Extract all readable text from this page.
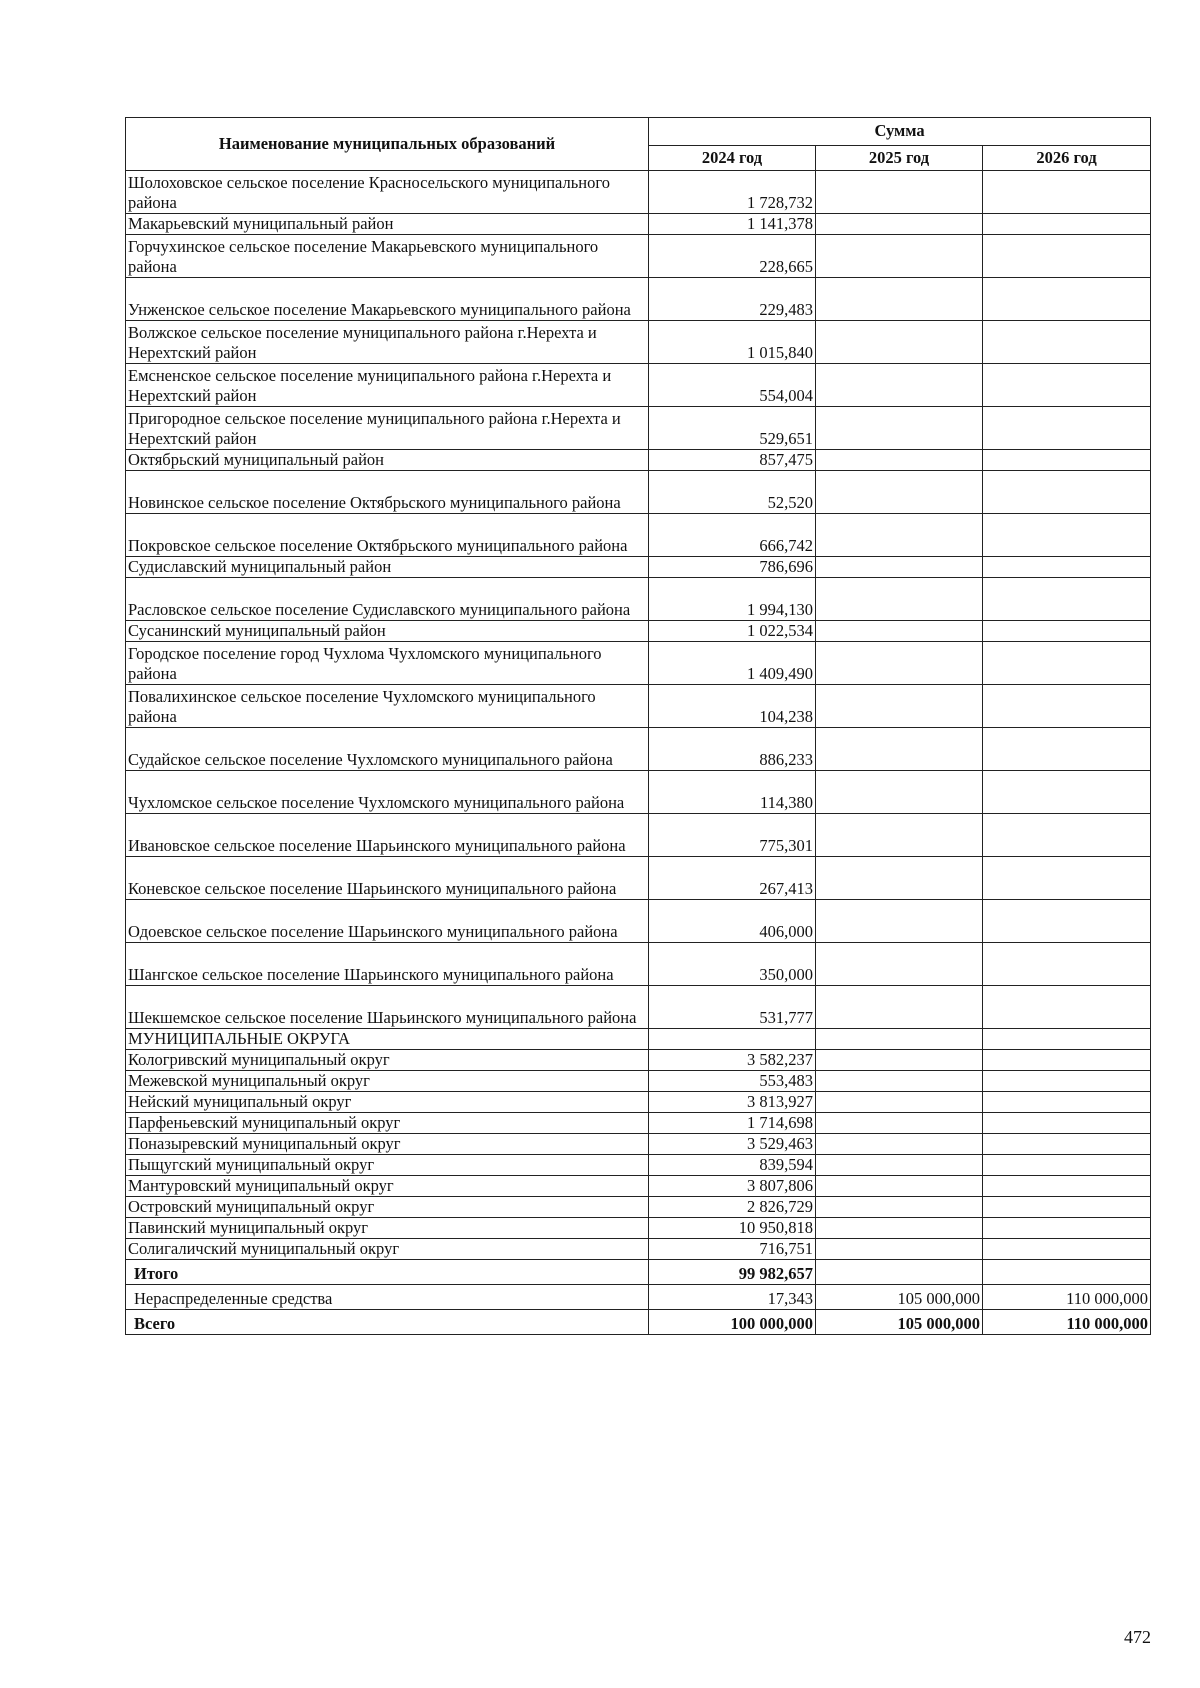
Наименование муниципальных образований	Сумма		
	2024 год	2025 год	2026 год
Шолоховское сельское поселение Красносельского муниципального района	1 728,732		
Макарьевский муниципальный район	1 141,378		
Горчухинское сельское поселение Макарьевского муниципального района	228,665		
Унженское сельское поселение Макарьевского муниципального района	229,483		
Волжское сельское поселение муниципального района г.Нерехта и Нерехтский район	1 015,840		
Емсненское сельское поселение муниципального района г.Нерехта и Нерехтский район	554,004		
Пригородное сельское поселение муниципального района г.Нерехта и Нерехтский район	529,651		
Октябрьский муниципальный район	857,475		
Новинское сельское поселение Октябрьского муниципального района	52,520		
Покровское сельское поселение Октябрьского муниципального района	666,742		
Судиславский муниципальный район	786,696		
Расловское сельское поселение Судиславского муниципального района	1 994,130		
Сусанинский муниципальный район	1 022,534		
Городское поселение город Чухлома Чухломского муниципального района	1 409,490		
Повалихинское сельское поселение Чухломского муниципального района	104,238		
Судайское сельское поселение Чухломского муниципального района	886,233		
Чухломское сельское поселение Чухломского муниципального района	114,380		
Ивановское сельское поселение Шарьинского муниципального района	775,301		
Коневское сельское поселение Шарьинского муниципального района	267,413		
Одоевское сельское поселение Шарьинского муниципального района	406,000		
Шангское сельское поселение Шарьинского муниципального района	350,000		
Шекшемское сельское поселение Шарьинского муниципального района	531,777		
МУНИЦИПАЛЬНЫЕ ОКРУГА			
Кологривский муниципальный округ	3 582,237		
Межевской муниципальный округ	553,483		
Нейский муниципальный округ	3 813,927		
Парфеньевский муниципальный округ	1 714,698		
Поназыревский муниципальный округ	3 529,463		
Пыщугский муниципальный округ	839,594		
Мантуровский муниципальный округ	3 807,806		
Островский муниципальный округ	2 826,729		
Павинский муниципальный округ	10 950,818		
Солигаличский муниципальный округ	716,751		
Итого	99 982,657		
Нераспределенные средства	17,343	105 000,000	110 000,000
Всего	100 000,000	105 000,000	110 000,000
472
